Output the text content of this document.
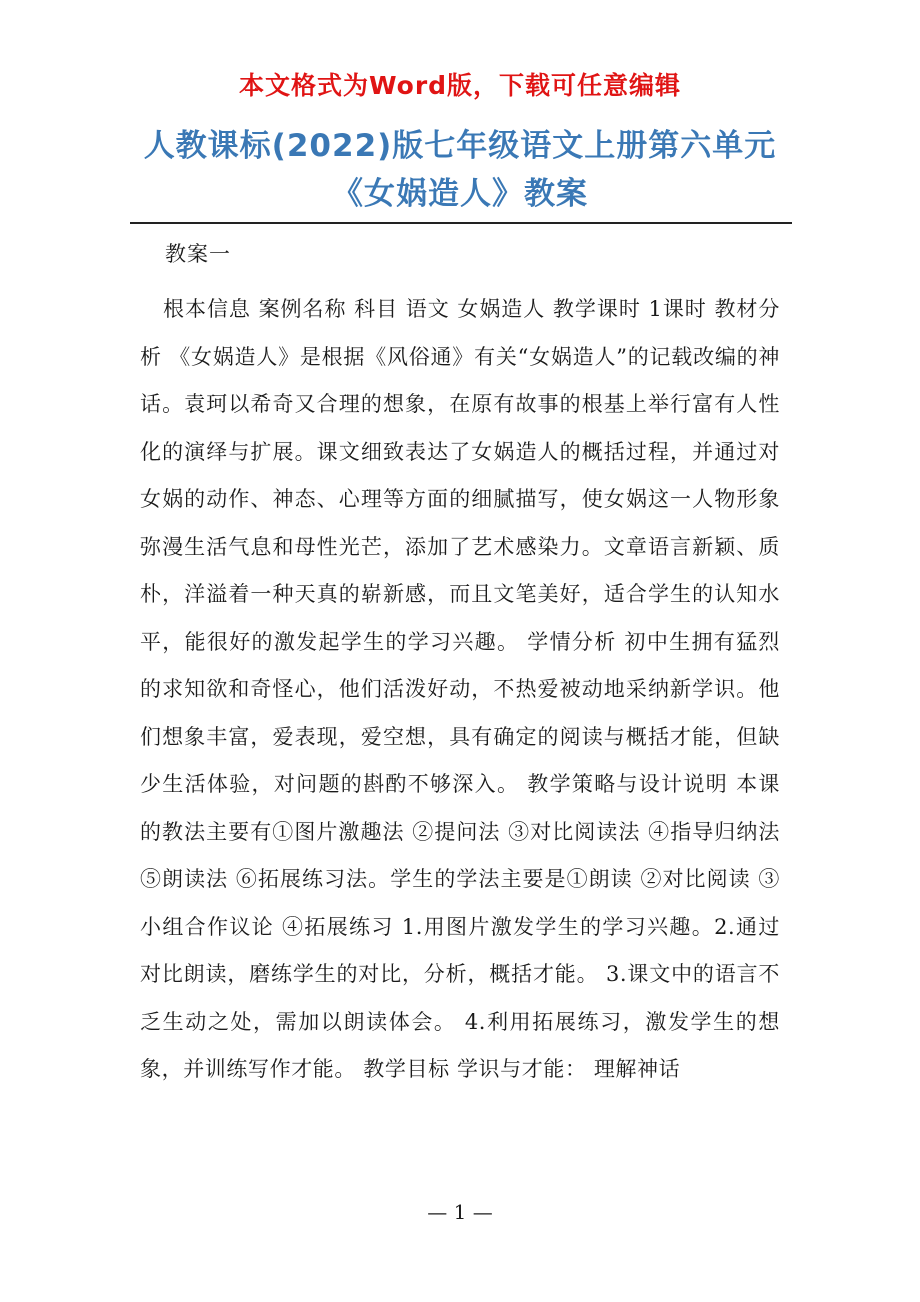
本文格式为Word版，下载可任意编辑
人教课标(2022)版七年级语文上册第六单元《女娲造人》教案
教案一
根本信息 案例名称 科目 语文 女娲造人 教学课时 1课时 教材分析 《女娲造人》是根据《风俗通》有关“女娲造人”的记载改编的神话。袁珂以希奇又合理的想象，在原有故事的根基上举行富有人性化的演绎与扩展。课文细致表达了女娲造人的概括过程，并通过对女娲的动作、神态、心理等方面的细腻描写，使女娲这一人物形象弥漫生活气息和母性光芒，添加了艺术感染力。文章语言新颖、质朴，洋溢着一种天真的崭新感，而且文笔美好，适合学生的认知水平，能很好的激发起学生的学习兴趣。 学情分析 初中生拥有猛烈的求知欲和奇怪心，他们活泼好动，不热爱被动地采纳新学识。他们想象丰富，爱表现，爱空想，具有确定的阅读与概括才能，但缺少生活体验，对问题的斟酌不够深入。 教学策略与设计说明 本课的教法主要有①图片激趣法 ②提问法 ③对比阅读法 ④指导归纳法 ⑤朗读法 ⑥拓展练习法。学生的学法主要是①朗读 ②对比阅读 ③小组合作议论 ④拓展练习 1.用图片激发学生的学习兴趣。2.通过对比朗读，磨练学生的对比，分析，概括才能。 3.课文中的语言不乏生动之处，需加以朗读体会。 4.利用拓展练习，激发学生的想象，并训练写作才能。 教学目标 学识与才能： 理解神话
— 1 —
